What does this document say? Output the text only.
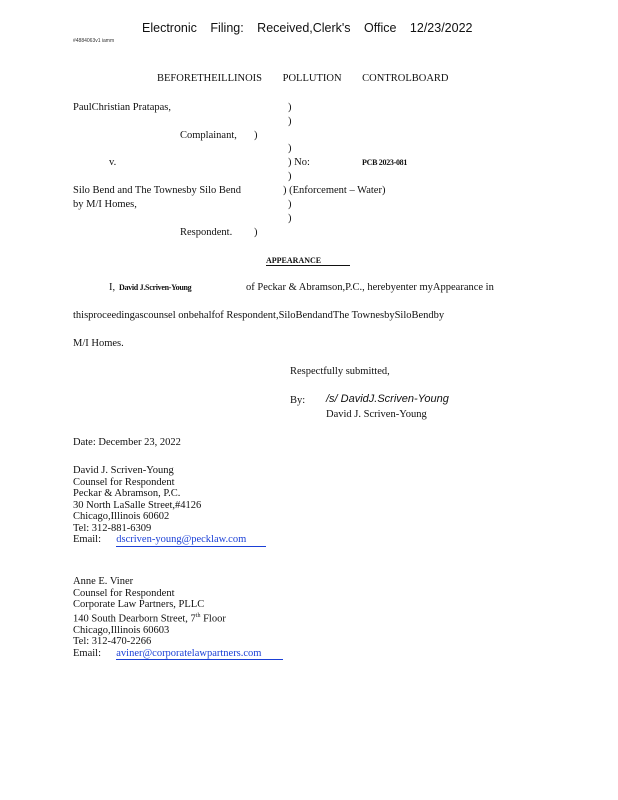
Electronic Filing: Received,Clerk's Office 12/23/2022
#4884063v1 iamm
BEFORETHEILLINOIS POLLUTION CONTROLBOARD
PaulChristian Pratapas,	)
)
Complainant, )
)
v.	) No:	PCB 2023-081
)
Silo Bend and The Townesby Silo Bend	) (Enforcement – Water)
by M/I Homes,	)
)
Respondent. )
APPEARANCE
I, David J.Scriven-Young	of Peckar & Abramson,P.C., herebyenter myAppearance in
thisproceedingascounsel onbehalfof Respondent,SiloBendandThe TownesbySiloBendby
M/I Homes.
Respectfully submitted,
By: /s/ DavidJ.Scriven-Young
David J. Scriven-Young
Date: December 23, 2022
David J. Scriven-Young
Counsel for Respondent
Peckar & Abramson, P.C.
30 North LaSalle Street,#4126
Chicago,Illinois 60602
Tel: 312-881-6309
Email: dscriven-young@pecklaw.com
Anne E. Viner
Counsel for Respondent
Corporate Law Partners, PLLC
140 South Dearborn Street, 7th Floor
Chicago,Illinois 60603
Tel: 312-470-2266
Email: aviner@corporatelawpartners.com
